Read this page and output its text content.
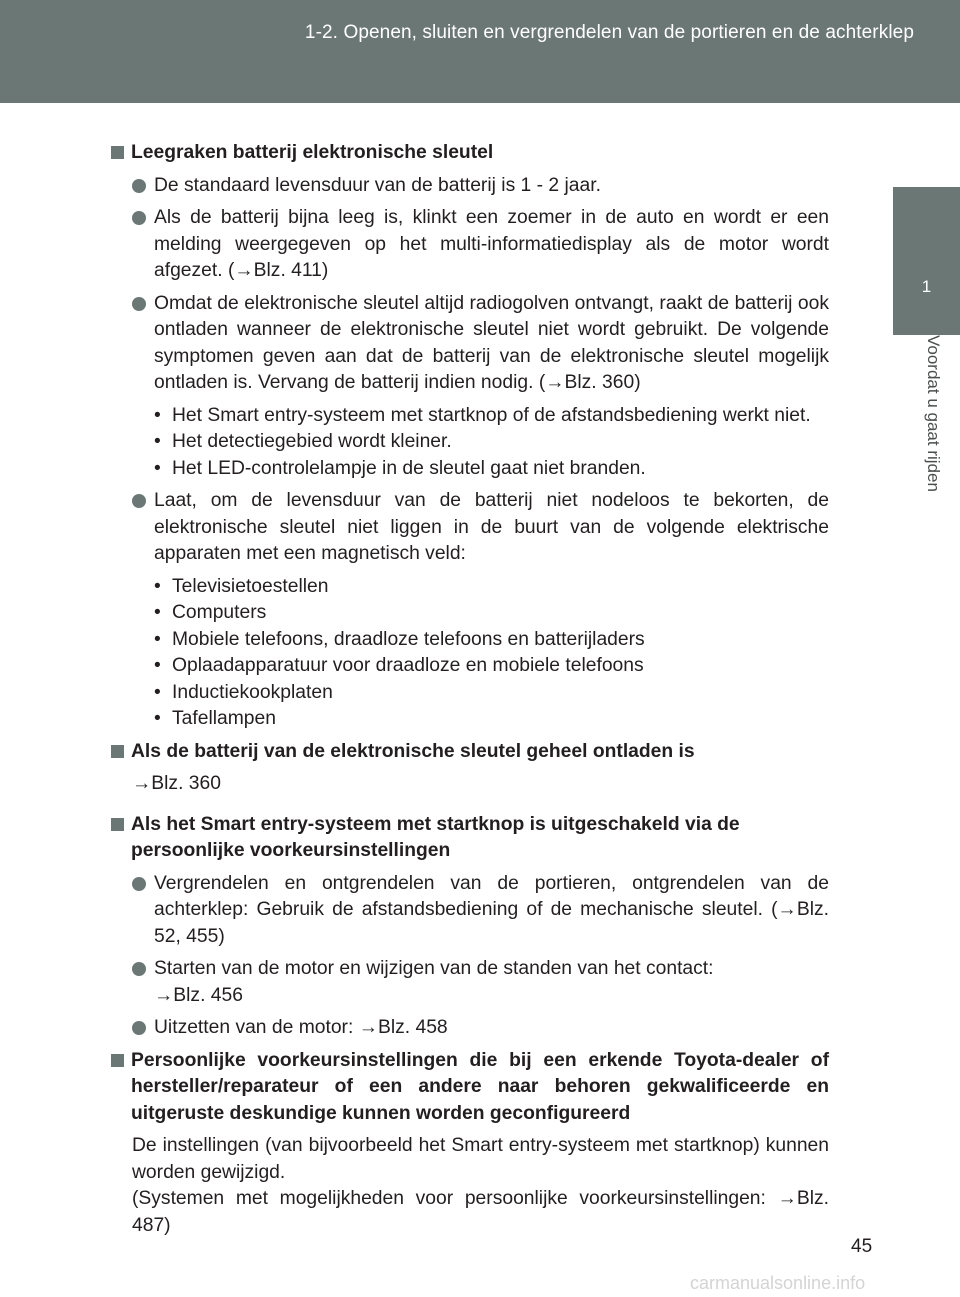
1-2. Openen, sluiten en vergrendelen van de portieren en de achterklep
1
Voordat u gaat rijden

Leegraken batterij elektronische sleutel

De standaard levensduur van de batterij is 1 - 2 jaar.

Als de batterij bijna leeg is, klinkt een zoemer in de auto en wordt er een melding weergegeven op het multi-informatiedisplay als de motor wordt afgezet. (→Blz. 411)

Omdat de elektronische sleutel altijd radiogolven ontvangt, raakt de batterij ook ontladen wanneer de elektronische sleutel niet wordt gebruikt. De volgende symptomen geven aan dat de batterij van de elektronische sleutel mogelijk ontladen is. Vervang de batterij indien nodig. (→Blz. 360)

• Het Smart entry-systeem met startknop of de afstandsbediening werkt niet.

• Het detectiegebied wordt kleiner.

• Het LED-controlelampje in de sleutel gaat niet branden.

Laat, om de levensduur van de batterij niet nodeloos te bekorten, de elektronische sleutel niet liggen in de buurt van de volgende elektrische apparaten met een magnetisch veld:

• Televisietoestellen

• Computers

• Mobiele telefoons, draadloze telefoons en batterijladers

• Oplaadapparatuur voor draadloze en mobiele telefoons

• Inductiekookplaten

• Tafellampen

Als de batterij van de elektronische sleutel geheel ontladen is

→Blz. 360

Als het Smart entry-systeem met startknop is uitgeschakeld via de persoonlijke voorkeursinstellingen

Vergrendelen en ontgrendelen van de portieren, ontgrendelen van de achterklep: Gebruik de afstandsbediening of de mechanische sleutel. (→Blz. 52, 455)

Starten van de motor en wijzigen van de standen van het contact:
→Blz. 456

Uitzetten van de motor: →Blz. 458

Persoonlijke voorkeursinstellingen die bij een erkende Toyota-dealer of hersteller/reparateur of een andere naar behoren gekwalificeerde en uitgeruste deskundige kunnen worden geconfigureerd

De instellingen (van bijvoorbeeld het Smart entry-systeem met startknop) kunnen worden gewijzigd.

(Systemen met mogelijkheden voor persoonlijke voorkeursinstellingen: →Blz. 487)

45
carmanualsonline.info
